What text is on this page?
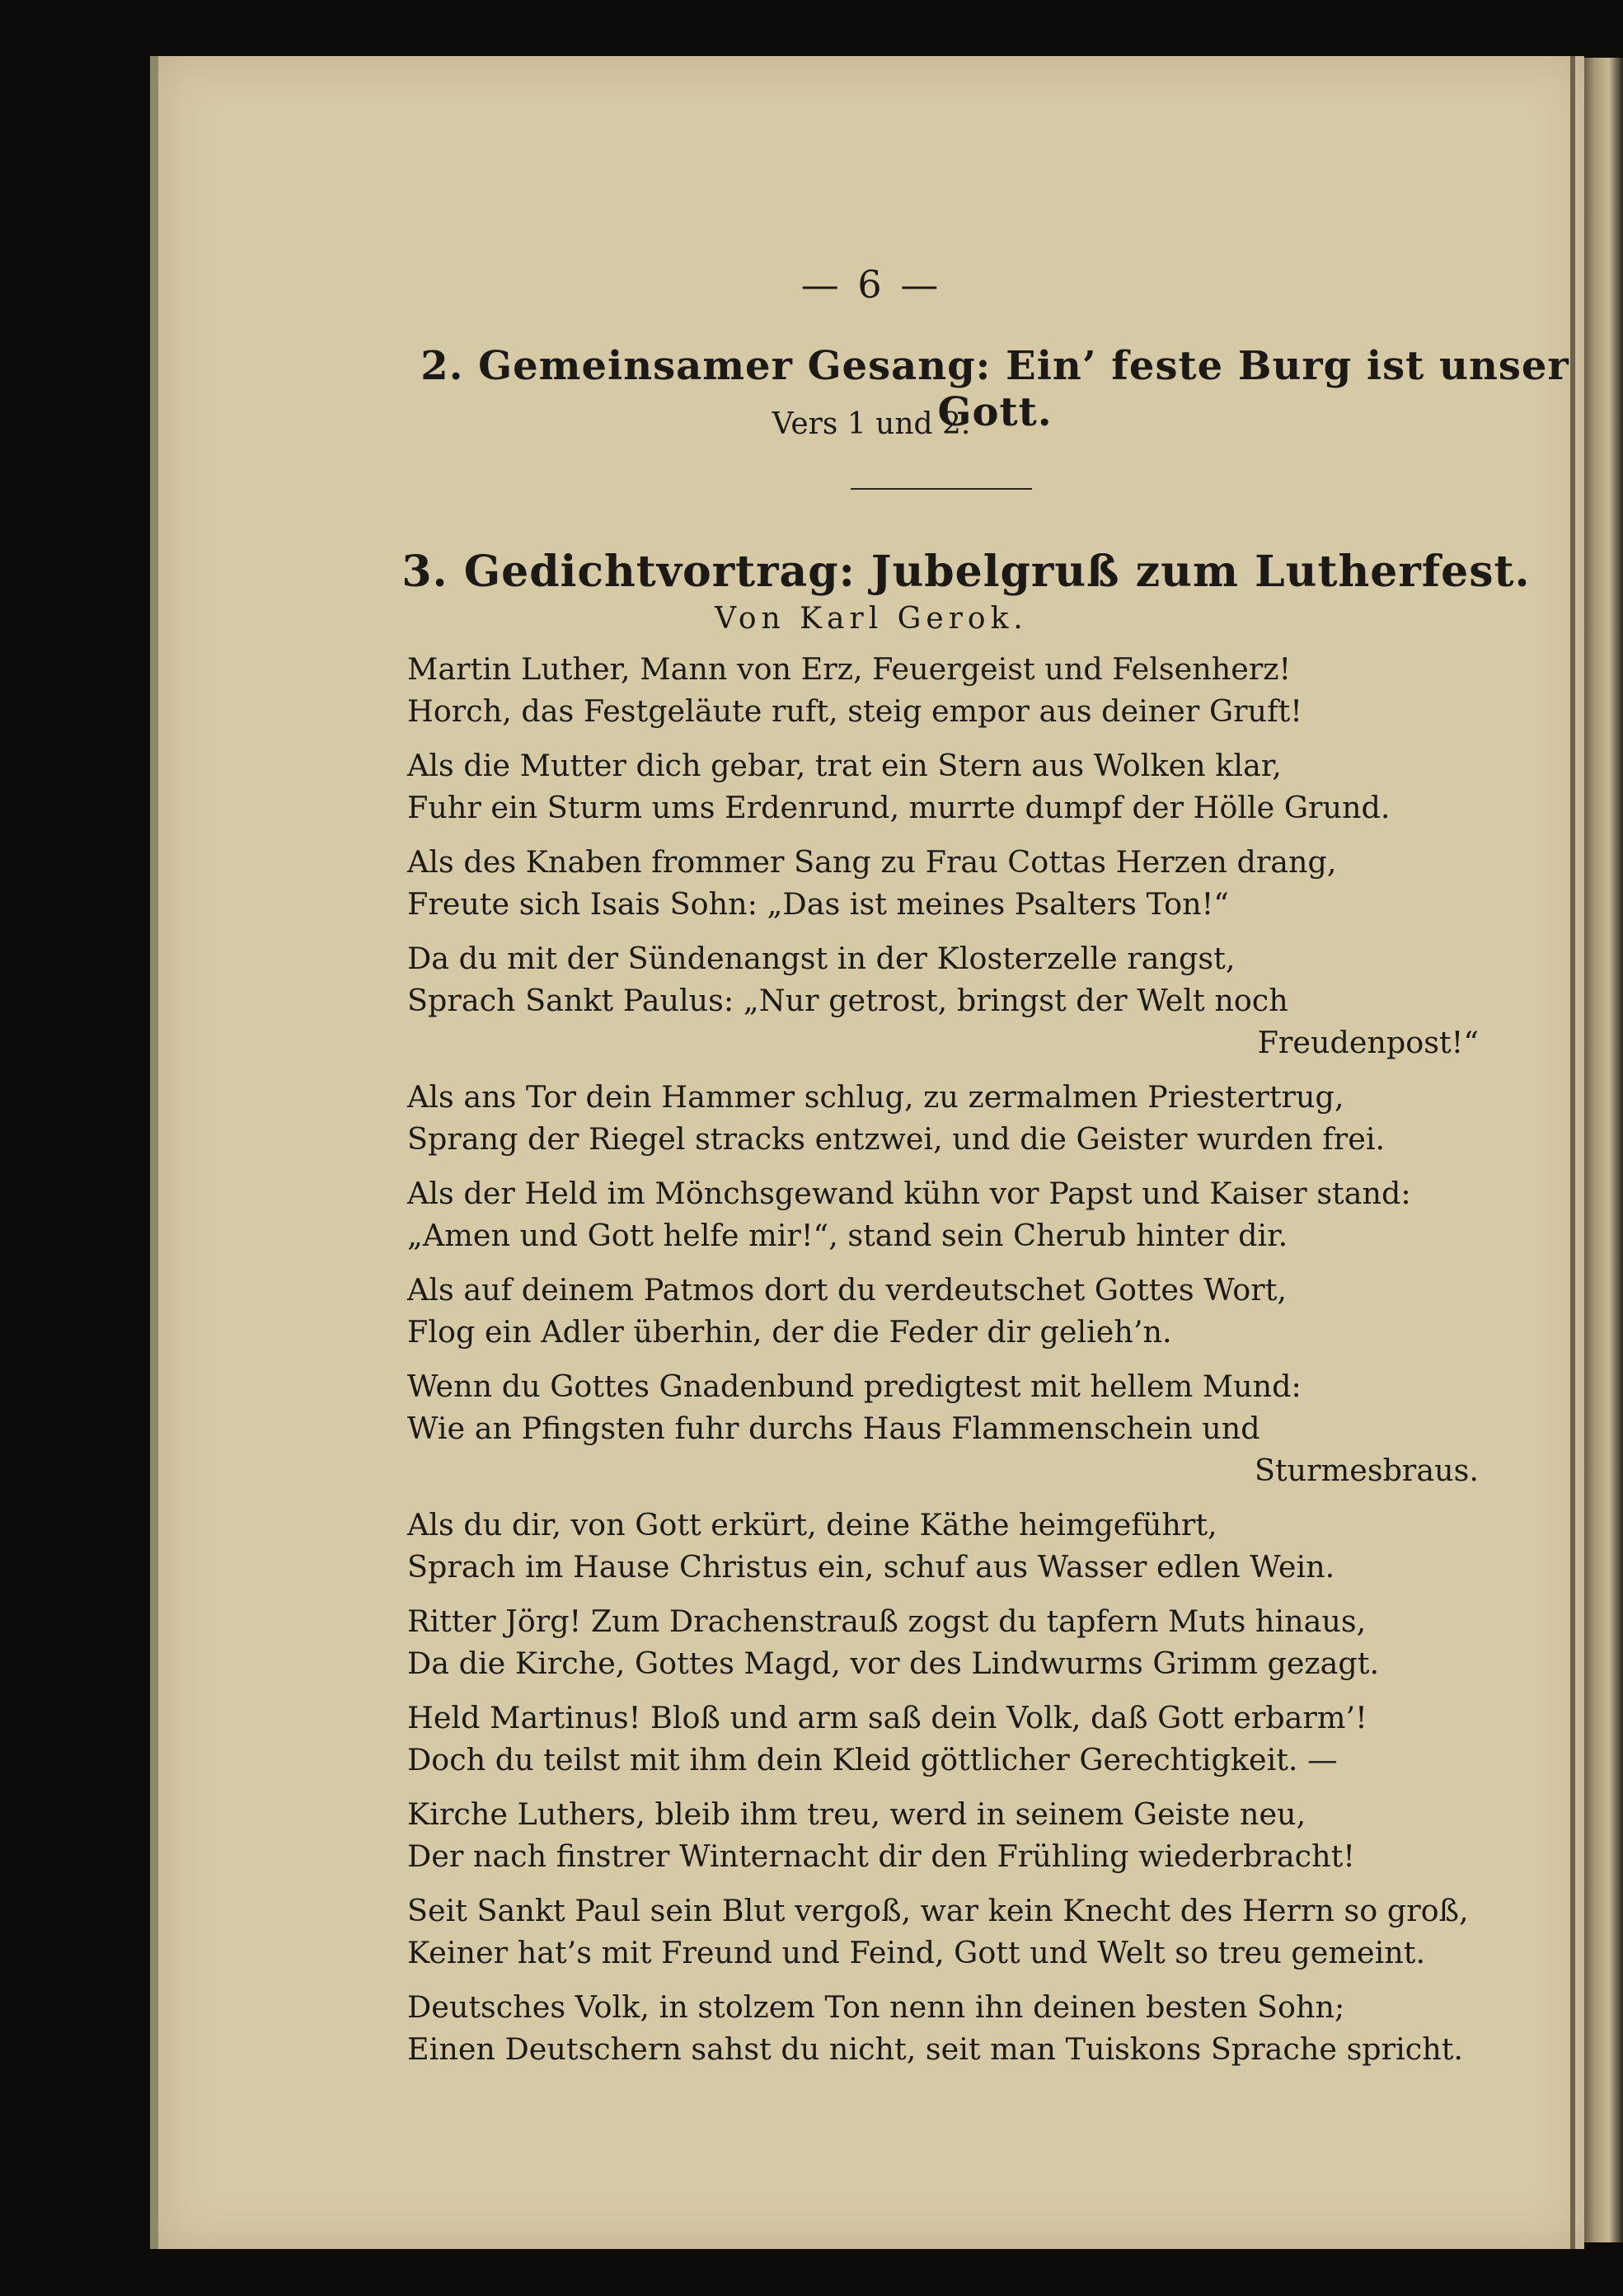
— 6 —
2. Gemeinsamer Gesang: Ein’ feste Burg ist unser Gott.
Vers 1 und 2.
3. Gedichtvortrag: Jubelgruß zum Lutherfest.
Von Karl Gerok.
Martin Luther, Mann von Erz, Feuergeist und Felsenherz!
Horch, das Festgeläute ruft, steig empor aus deiner Gruft!
Als die Mutter dich gebar, trat ein Stern aus Wolken klar,
Fuhr ein Sturm ums Erdenrund, murrte dumpf der Hölle Grund.
Als des Knaben frommer Sang zu Frau Cottas Herzen drang,
Freute sich Isais Sohn: „Das ist meines Psalters Ton!“
Da du mit der Sündenangst in der Klosterzelle rangst,
Sprach Sankt Paulus: „Nur getrost, bringst der Welt noch
Freudenpost!“
Als ans Tor dein Hammer schlug, zu zermalmen Priestertrug,
Sprang der Riegel stracks entzwei, und die Geister wurden frei.
Als der Held im Mönchsgewand kühn vor Papst und Kaiser stand:
„Amen und Gott helfe mir!“, stand sein Cherub hinter dir.
Als auf deinem Patmos dort du verdeutschet Gottes Wort,
Flog ein Adler überhin, der die Feder dir gelieh’n.
Wenn du Gottes Gnadenbund predigtest mit hellem Mund:
Wie an Pfingsten fuhr durchs Haus Flammenschein und
Sturmesbraus.
Als du dir, von Gott erkürt, deine Käthe heimgeführt,
Sprach im Hause Christus ein, schuf aus Wasser edlen Wein.
Ritter Jörg! Zum Drachenstrauß zogst du tapfern Muts hinaus,
Da die Kirche, Gottes Magd, vor des Lindwurms Grimm gezagt.
Held Martinus! Bloß und arm saß dein Volk, daß Gott erbarm’!
Doch du teilst mit ihm dein Kleid göttlicher Gerechtigkeit. —
Kirche Luthers, bleib ihm treu, werd in seinem Geiste neu,
Der nach finstrer Winternacht dir den Frühling wiederbracht!
Seit Sankt Paul sein Blut vergoß, war kein Knecht des Herrn so groß,
Keiner hat’s mit Freund und Feind, Gott und Welt so treu gemeint.
Deutsches Volk, in stolzem Ton nenn ihn deinen besten Sohn;
Einen Deutschern sahst du nicht, seit man Tuiskons Sprache spricht.
